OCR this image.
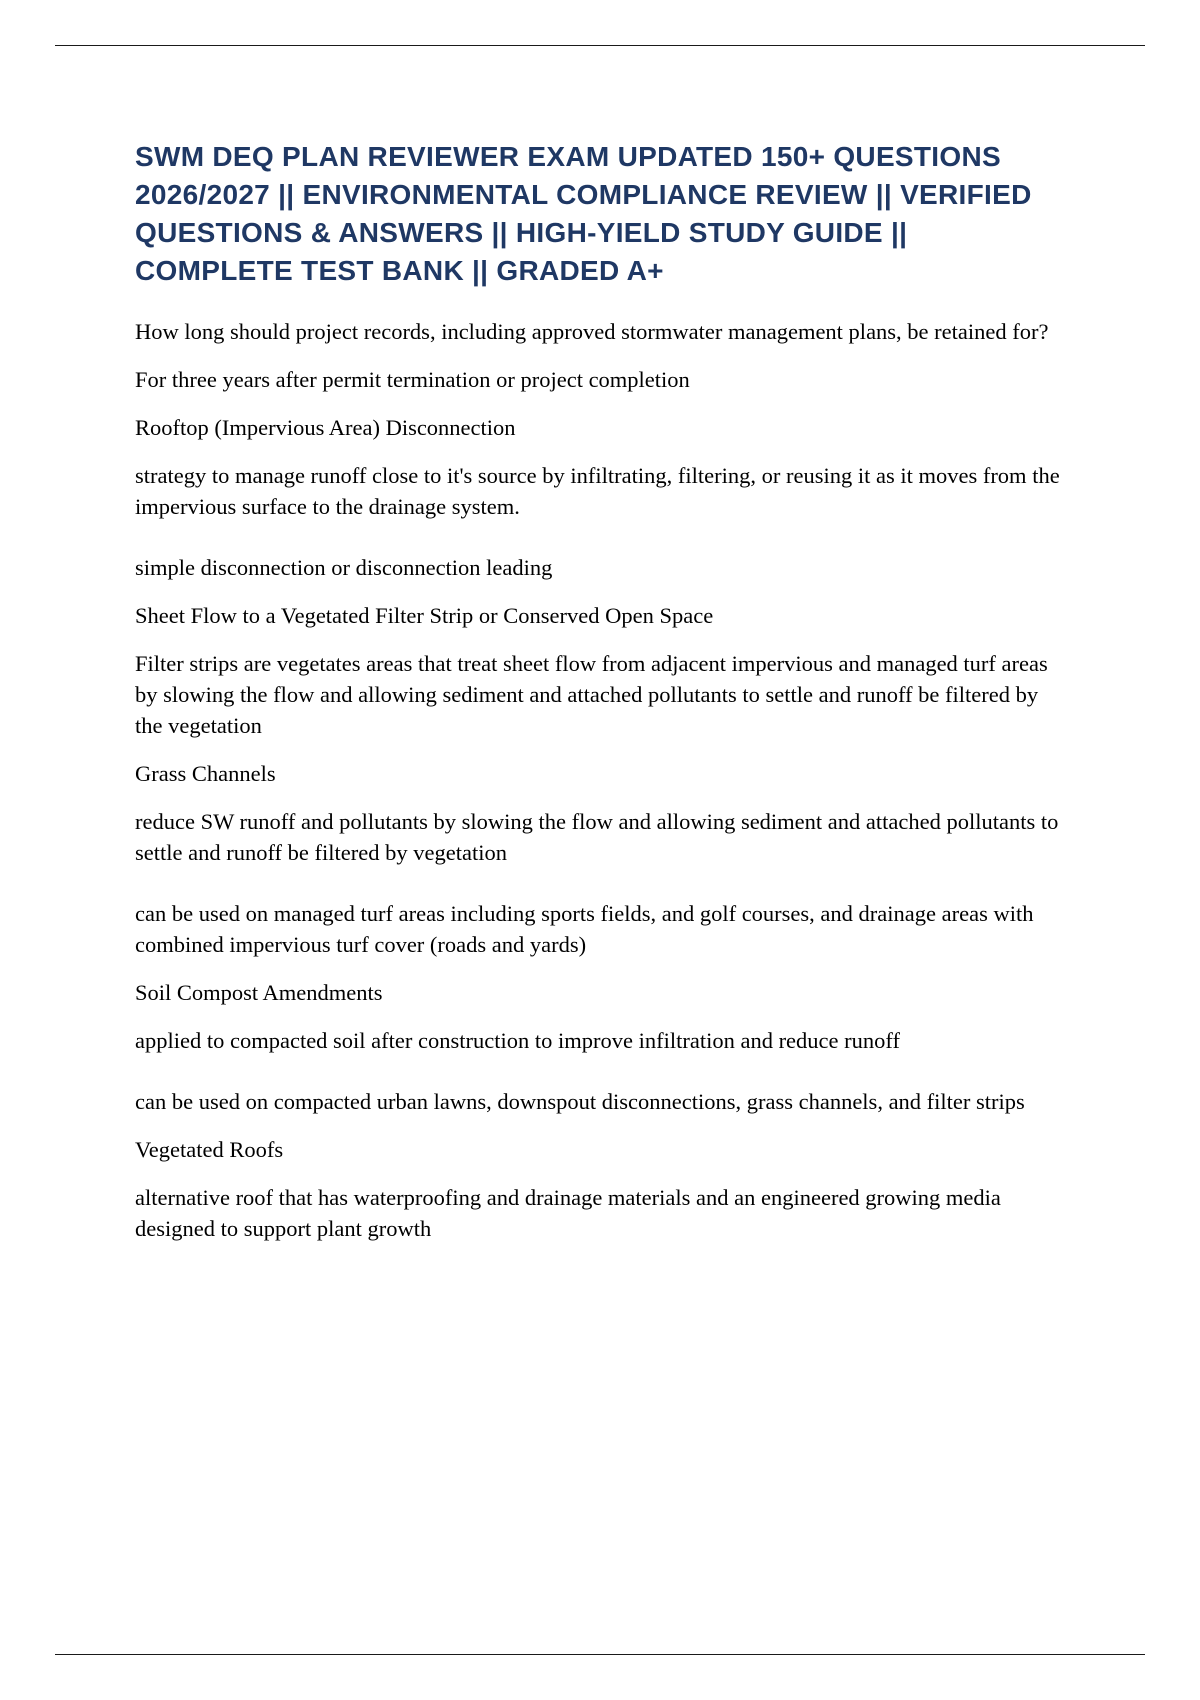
SWM DEQ PLAN REVIEWER EXAM UPDATED 150+ QUESTIONS 2026/2027 || ENVIRONMENTAL COMPLIANCE REVIEW || VERIFIED QUESTIONS & ANSWERS || HIGH-YIELD STUDY GUIDE || COMPLETE TEST BANK || GRADED A+

How long should project records, including approved stormwater management plans, be retained for?

For three years after permit termination or project completion

Rooftop (Impervious Area) Disconnection

strategy to manage runoff close to it's source by infiltrating, filtering, or reusing it as it moves from the impervious surface to the drainage system.

simple disconnection or disconnection leading

Sheet Flow to a Vegetated Filter Strip or Conserved Open Space

Filter strips are vegetates areas that treat sheet flow from adjacent impervious and managed turf areas by slowing the flow and allowing sediment and attached pollutants to settle and runoff be filtered by the vegetation

Grass Channels

reduce SW runoff and pollutants by slowing the flow and allowing sediment and attached pollutants to settle and runoff be filtered by vegetation

can be used on managed turf areas including sports fields, and golf courses, and drainage areas with combined impervious turf cover (roads and yards)

Soil Compost Amendments

applied to compacted soil after construction to improve infiltration and reduce runoff

can be used on compacted urban lawns, downspout disconnections, grass channels, and filter strips

Vegetated Roofs

alternative roof that has waterproofing and drainage materials and an engineered growing media designed to support plant growth
